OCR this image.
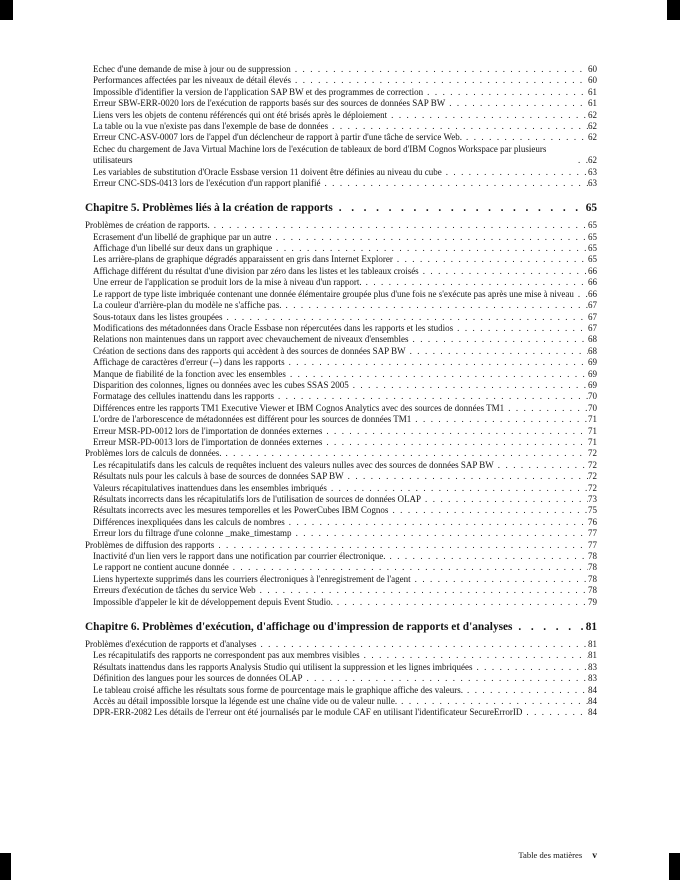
Echec d'une demande de mise à jour ou de suppression . . .	60
Performances affectées par les niveaux de détail élevés . . .	60
Impossible d'identifier la version de l'application SAP BW et des programmes de correction . . .	61
Erreur SBW-ERR-0020 lors de l'exécution de rapports basés sur des sources de données SAP BW . . .	61
Liens vers les objets de contenu référencés qui ont été brisés après le déploiement . . .	62
La table ou la vue n'existe pas dans l'exemple de base de données . . .	62
Erreur CNC-ASV-0007 lors de l'appel d'un déclencheur de rapport à partir d'une tâche de service Web. . . .	62
Echec du chargement de Java Virtual Machine lors de l'exécution de tableaux de bord d'IBM Cognos Workspace par plusieurs utilisateurs . . .	62
Les variables de substitution d'Oracle Essbase version 11 doivent être définies au niveau du cube . . .	63
Erreur CNC-SDS-0413 lors de l'exécution d'un rapport planifié . . .	63
Chapitre 5. Problèmes liés à la création de rapports . . .	65
Problèmes de création de rapports. . . .	65
Ecrasement d'un libellé de graphique par un autre . . .	65
Affichage d'un libellé sur deux dans un graphique . . .	65
Les arrière-plans de graphique dégradés apparaissent en gris dans Internet Explorer . . .	65
Affichage différent du résultat d'une division par zéro dans les listes et les tableaux croisés . . .	66
Une erreur de l'application se produit lors de la mise à niveau d'un rapport. . . .	66
Le rapport de type liste imbriquée contenant une donnée élémentaire groupée plus d'une fois ne s'exécute pas après une mise à niveau . . . 66
La couleur d'arrière-plan du modèle ne s'affiche pas. . . .	67
Sous-totaux dans les listes groupées . . .	67
Modifications des métadonnées dans Oracle Essbase non répercutées dans les rapports et les studios . . .	67
Relations non maintenues dans un rapport avec chevauchement de niveaux d'ensembles . . .	68
Création de sections dans des rapports qui accèdent à des sources de données SAP BW . . .	68
Affichage de caractères d'erreur (--) dans les rapports . . .	69
Manque de fiabilité de la fonction avec les ensembles . . .	69
Disparition des colonnes, lignes ou données avec les cubes SSAS 2005 . . .	69
Formatage des cellules inattendu dans les rapports . . .	70
Différences entre les rapports TM1 Executive Viewer et IBM Cognos Analytics avec des sources de données TM1 . . .	70
L'ordre de l'arborescence de métadonnées est différent pour les sources de données TM1 . . .	71
Erreur MSR-PD-0012 lors de l'importation de données externes . . .	71
Erreur MSR-PD-0013 lors de l'importation de données externes . . .	71
Problèmes lors de calculs de données. . . .	72
Les récapitulatifs dans les calculs de requêtes incluent des valeurs nulles avec des sources de données SAP BW . . .	72
Résultats nuls pour les calculs à base de sources de données SAP BW . . .	72
Valeurs récapitulatives inattendues dans les ensembles imbriqués . . .	72
Résultats incorrects dans les récapitulatifs lors de l'utilisation de sources de données OLAP . . .	73
Résultats incorrects avec les mesures temporelles et les PowerCubes IBM Cognos . . .	75
Différences inexpliquées dans les calculs de nombres . . .	76
Erreur lors du filtrage d'une colonne _make_timestamp . . .	77
Problèmes de diffusion des rapports . . .	77
Inactivité d'un lien vers le rapport dans une notification par courrier électronique. . . .	78
Le rapport ne contient aucune donnée . . .	78
Liens hypertexte supprimés dans les courriers électroniques à l'enregistrement de l'agent . . .	78
Erreurs d'exécution de tâches du service Web . . .	78
Impossible d'appeler le kit de développement depuis Event Studio. . . .	79
Chapitre 6. Problèmes d'exécution, d'affichage ou d'impression de rapports et d'analyses . . .	81
Problèmes d'exécution de rapports et d'analyses . . .	81
Les récapitulatifs des rapports ne correspondent pas aux membres visibles . . .	81
Résultats inattendus dans les rapports Analysis Studio qui utilisent la suppression et les lignes imbriquées . . .	83
Définition des langues pour les sources de données OLAP . . .	83
Le tableau croisé affiche les résultats sous forme de pourcentage mais le graphique affiche des valeurs. . . .	84
Accès au détail impossible lorsque la légende est une chaîne vide ou de valeur nulle. . . .	84
DPR-ERR-2082 Les détails de l'erreur ont été journalisés par le module CAF en utilisant l'identificateur SecureErrorID . . .	84
Table des matières v
